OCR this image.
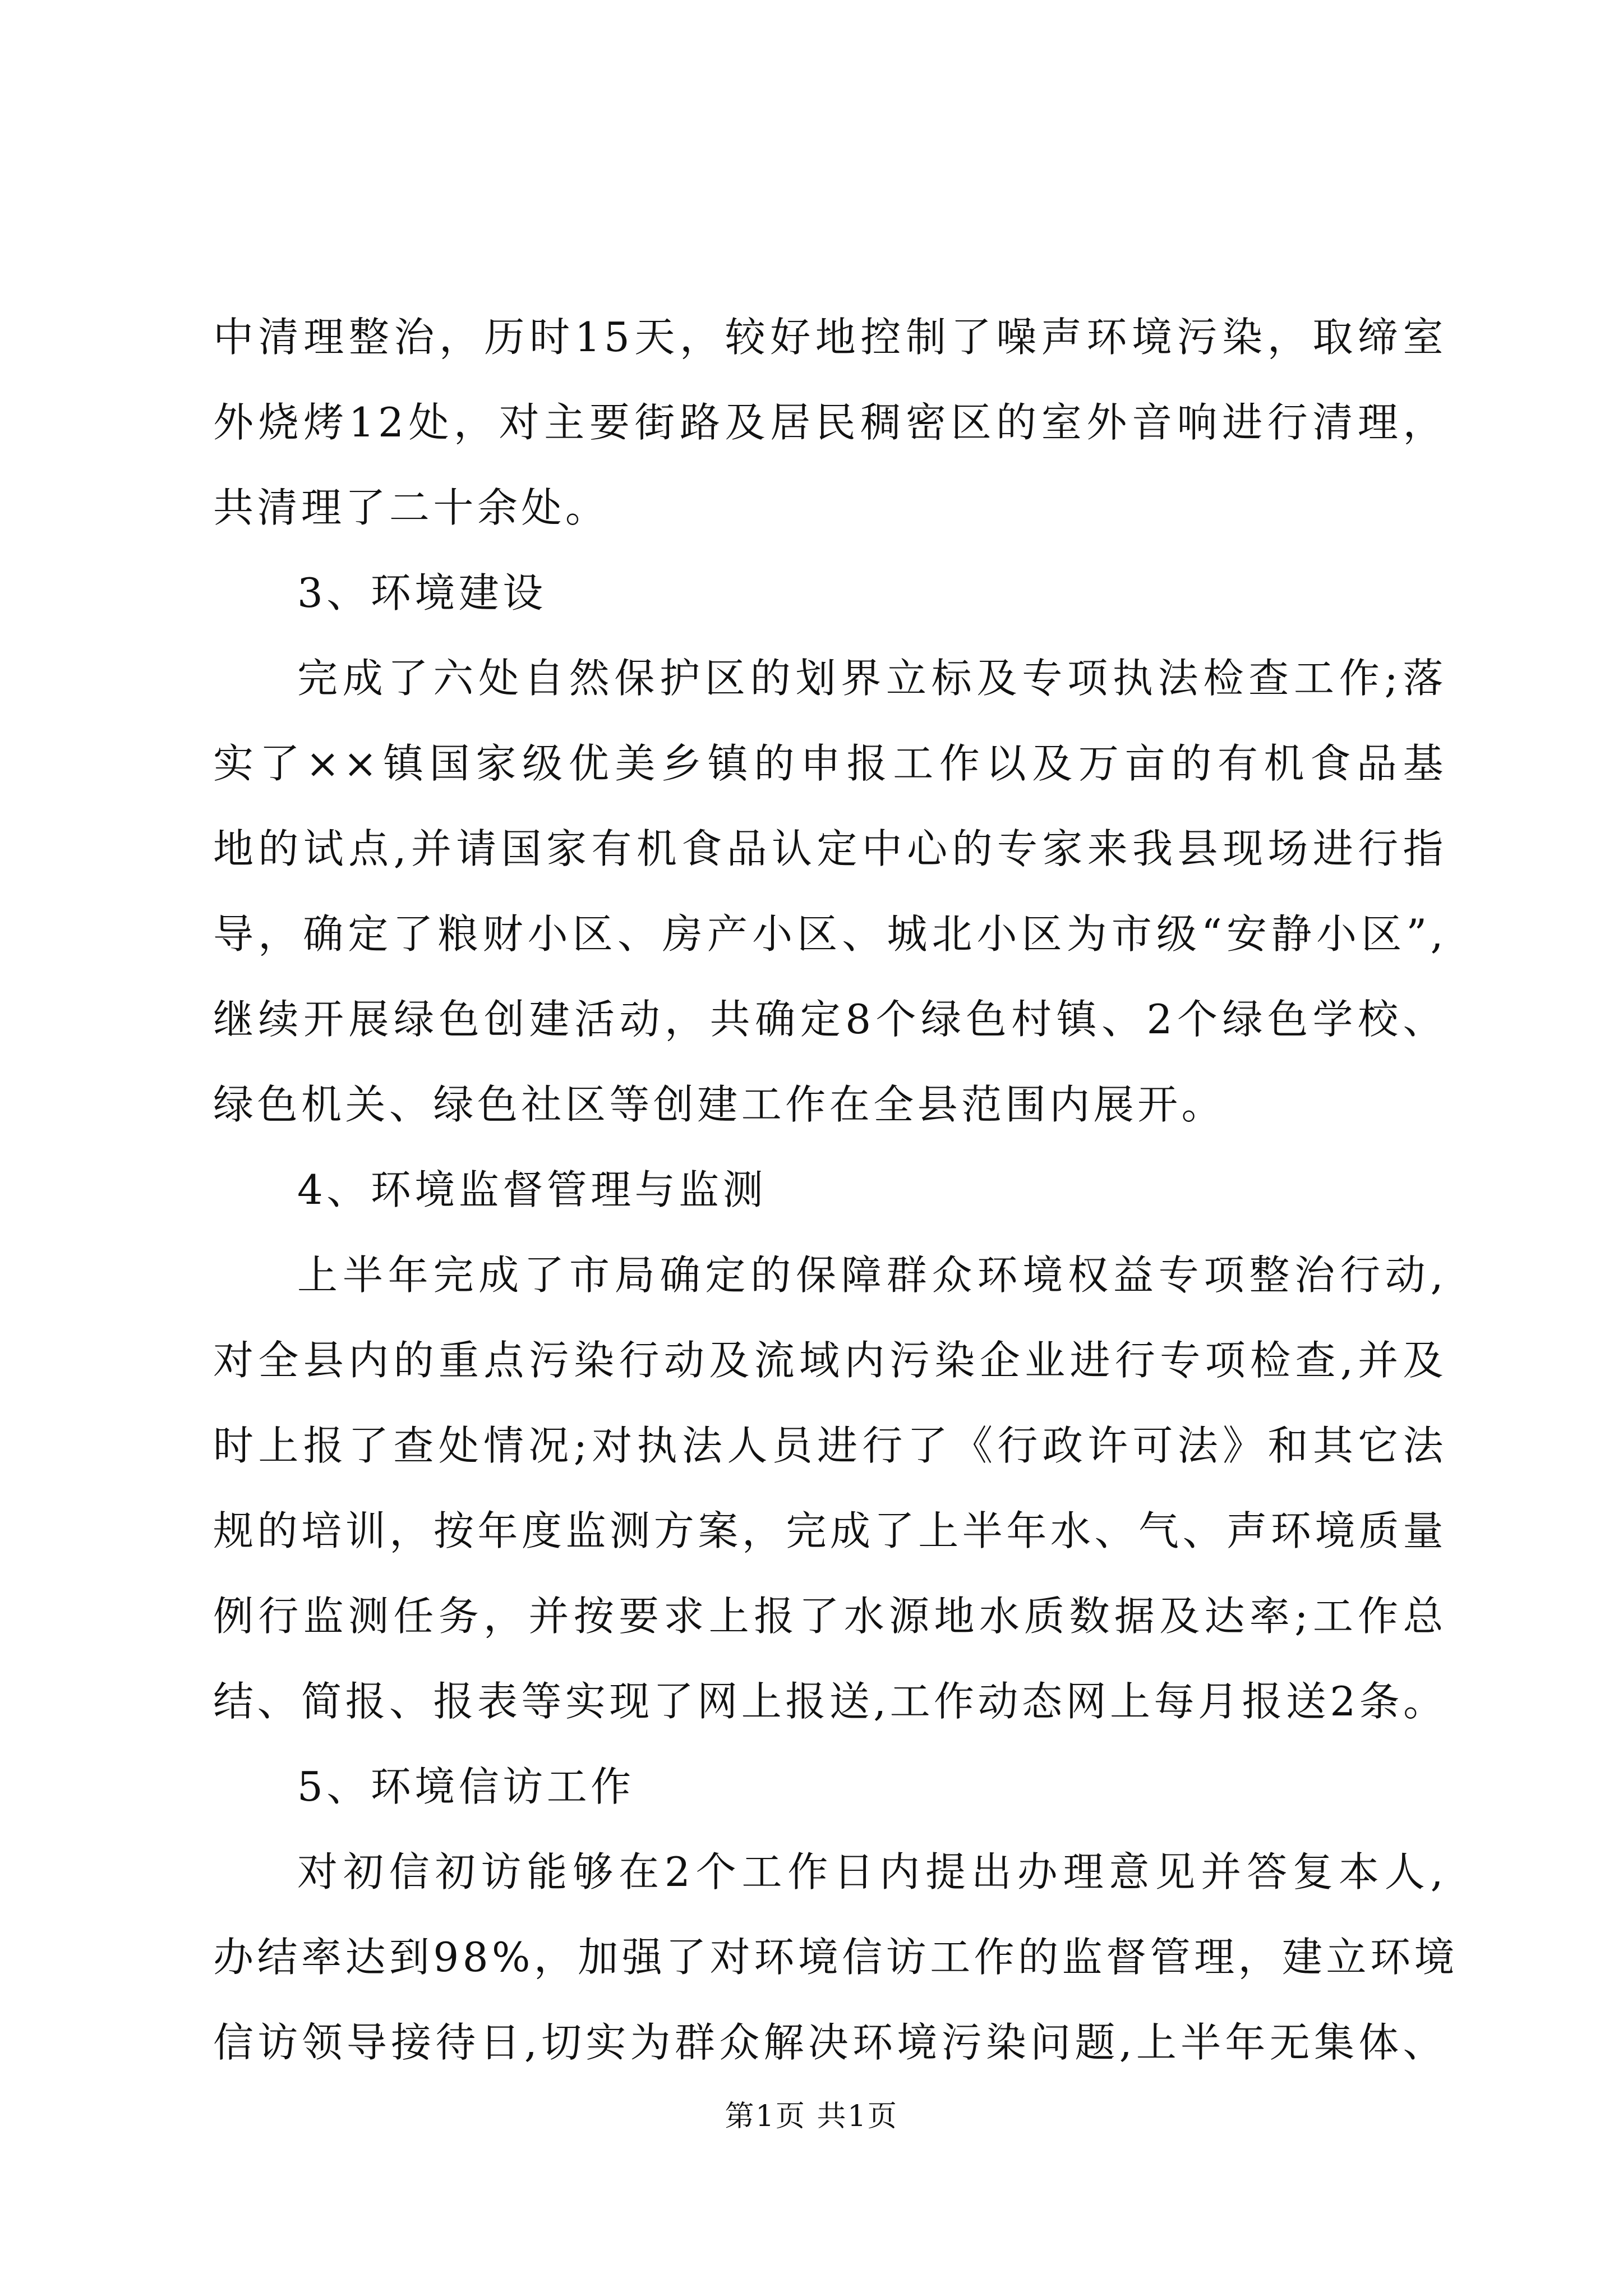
中清理整治，历时15天，较好地控制了噪声环境污染，取缔室
外烧烤12处，对主要街路及居民稠密区的室外音响进行清理，
共清理了二十余处。
3、环境建设
完成了六处自然保护区的划界立标及专项执法检查工作;落
实了××镇国家级优美乡镇的申报工作以及万亩的有机食品基
地的试点,并请国家有机食品认定中心的专家来我县现场进行指
导，确定了粮财小区、房产小区、城北小区为市级“安静小区”,
继续开展绿色创建活动，共确定8个绿色村镇、2个绿色学校、
绿色机关、绿色社区等创建工作在全县范围内展开。
4、环境监督管理与监测
上半年完成了市局确定的保障群众环境权益专项整治行动,
对全县内的重点污染行动及流域内污染企业进行专项检查,并及
时上报了查处情况;对执法人员进行了《行政许可法》和其它法
规的培训，按年度监测方案，完成了上半年水、气、声环境质量
例行监测任务，并按要求上报了水源地水质数据及达率;工作总
结、简报、报表等实现了网上报送,工作动态网上每月报送2条。
5、环境信访工作
对初信初访能够在2个工作日内提出办理意见并答复本人,
办结率达到98%，加强了对环境信访工作的监督管理，建立环境
信访领导接待日,切实为群众解决环境污染问题,上半年无集体、
第1页 共1页
